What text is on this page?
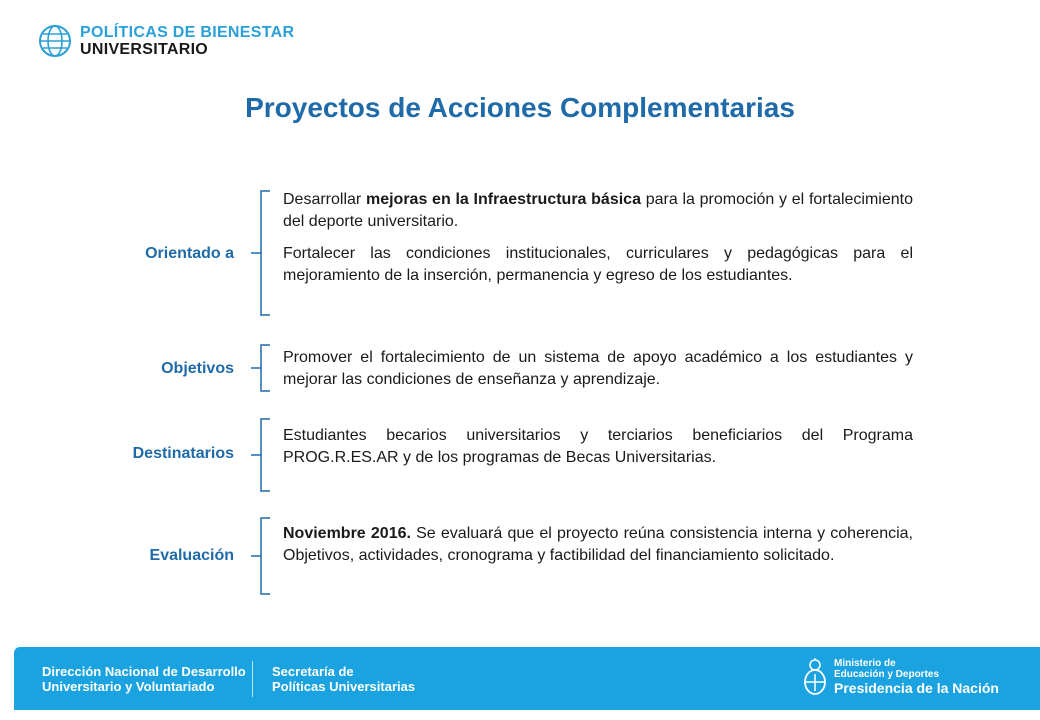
POLÍTICAS DE BIENESTAR
UNIVERSITARIO
Proyectos de Acciones Complementarias
Orientado a

Desarrollar mejoras en la Infraestructura básica para la promoción y el fortalecimiento del deporte universitario.

Fortalecer las condiciones institucionales, curriculares y pedagógicas para el mejoramiento de la inserción, permanencia y egreso de los estudiantes.

Objetivos
Promover el fortalecimiento de un sistema de apoyo académico a los estudiantes y mejorar las condiciones de enseñanza y aprendizaje.
Destinatarios
Estudiantes becarios universitarios y terciarios beneficiarios del Programa PROG.R.ES.AR y de los programas de Becas Universitarias.
Evaluación
Noviembre 2016. Se evaluará que el proyecto reúna consistencia interna y coherencia, Objetivos, actividades, cronograma y factibilidad del financiamiento solicitado.
Dirección Nacional de Desarrollo
Universitario y Voluntariado
Secretaría de
Políticas Universitarias
Ministerio de
Educación y Deportes
Presidencia de la Nación
